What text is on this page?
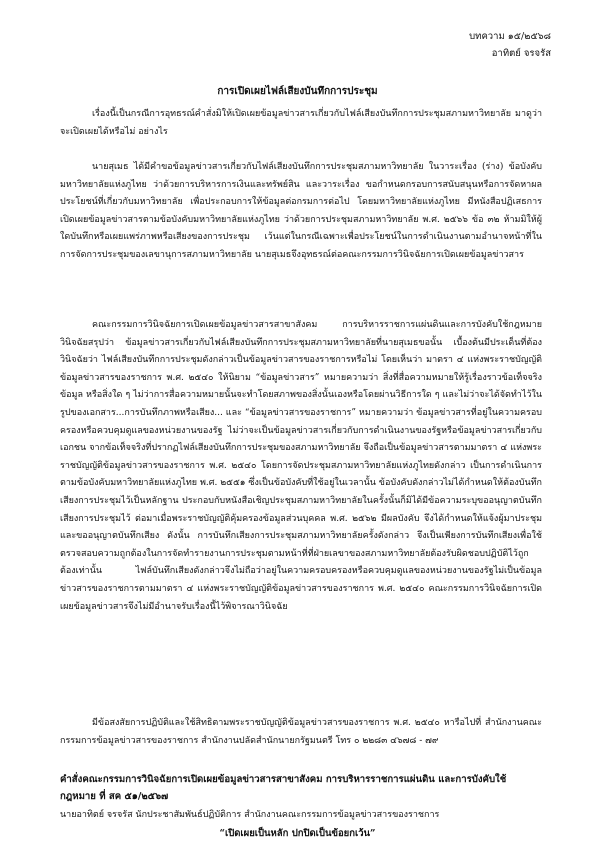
บทความ ๑๕/๒๕๖๘
อาทิตย์ จรจรัส
การเปิดเผยไฟล์เสียงบันทึกการประชุม

เรื่องนี้เป็นกรณีการอุทธรณ์คำสั่งมิให้เปิดเผยข้อมูลข่าวสารเกี่ยวกับไฟล์เสียงบันทึกการประชุมสภามหาวิทยาลัย มาดูว่าจะเปิดเผยได้หรือไม่ อย่างไร

นายสุเมธ ได้มีคำขอข้อมูลข่าวสารเกี่ยวกับไฟล์เสียงบันทึกการประชุมสภามหาวิทยาลัย ในวาระเรื่อง (ร่าง) ข้อบังคับมหาวิทยาลัยแห่งภูไทย ว่าด้วยการบริหารการเงินและทรัพย์สิน และวาระเรื่อง ขอกำหนดกรอบการสนับสนุนหรือการจัดหาผลประโยชน์ที่เกี่ยวกับมหาวิทยาลัย เพื่อประกอบการให้ข้อมูลต่อกรมการต่อไป โดยมหาวิทยาลัยแห่งภูไทย มีหนังสือปฏิเสธการเปิดเผยข้อมูลข่าวสารตามข้อบังคับมหาวิทยาลัยแห่งภูไทย ว่าด้วยการประชุมสภามหาวิทยาลัย พ.ศ. ๒๕๖๖ ข้อ ๓๒ ห้ามมิให้ผู้ใดบันทึกหรือเผยแพร่ภาพหรือเสียงของการประชุม เว้นแต่ในกรณีเฉพาะเพื่อประโยชน์ในการดำเนินงานตามอำนาจหน้าที่ในการจัดการประชุมของเลขานุการสภามหาวิทยาลัย นายสุเมธจึงอุทธรณ์ต่อคณะกรรมการวินิจฉัยการเปิดเผยข้อมูลข่าวสาร

คณะกรรมการวินิจฉัยการเปิดเผยข้อมูลข่าวสารสาขาสังคม การบริหารราชการแผ่นดินและการบังคับใช้กฎหมายวินิจฉัยสรุปว่า ข้อมูลข่าวสารเกี่ยวกับไฟล์เสียงบันทึกการประชุมสภามหาวิทยาลัยที่นายสุเมธขอนั้น เบื้องต้นมีประเด็นที่ต้องวินิจฉัยว่า ไฟล์เสียงบันทึกการประชุมดังกล่าวเป็นข้อมูลข่าวสารของราชการหรือไม่ โดยเห็นว่า มาตรา ๔ แห่งพระราชบัญญัติข้อมูลข่าวสารของราชการ พ.ศ. ๒๕๔๐ ให้นิยาม “ข้อมูลข่าวสาร” หมายความว่า สิ่งที่สื่อความหมายให้รู้เรื่องราวข้อเท็จจริง ข้อมูล หรือสิ่งใด ๆ ไม่ว่าการสื่อความหมายนั้นจะทำโดยสภาพของสิ่งนั้นเองหรือโดยผ่านวิธีการใด ๆ และไม่ว่าจะได้จัดทำไว้ในรูปของเอกสาร...การบันทึกภาพหรือเสียง... และ “ข้อมูลข่าวสารของราชการ” หมายความว่า ข้อมูลข่าวสารที่อยู่ในความครอบครองหรือควบคุมดูแลของหน่วยงานของรัฐ ไม่ว่าจะเป็นข้อมูลข่าวสารเกี่ยวกับการดำเนินงานของรัฐหรือข้อมูลข่าวสารเกี่ยวกับเอกชน จากข้อเท็จจริงที่ปรากฏไฟล์เสียงบันทึกการประชุมของสภามหาวิทยาลัย จึงถือเป็นข้อมูลข่าวสารตามมาตรา ๔ แห่งพระราชบัญญัติข้อมูลข่าวสารของราชการ พ.ศ. ๒๕๔๐ โดยการจัดประชุมสภามหาวิทยาลัยแห่งภูไทยดังกล่าว เป็นการดำเนินการตามข้อบังคับมหาวิทยาลัยแห่งภูไทย พ.ศ. ๒๕๕๑ ซึ่งเป็นข้อบังคับที่ใช้อยู่ในเวลานั้น ข้อบังคับดังกล่าวไม่ได้กำหนดให้ต้องบันทึกเสียงการประชุมไว้เป็นหลักฐาน ประกอบกับหนังสือเชิญประชุมสภามหาวิทยาลัยในครั้งนั้นก็มิได้มีข้อความระบุขออนุญาตบันทึกเสียงการประชุมไว้ ต่อมาเมื่อพระราชบัญญัติคุ้มครองข้อมูลส่วนบุคคล พ.ศ. ๒๕๖๒ มีผลบังคับ จึงได้กำหนดให้แจ้งผู้มาประชุมและขออนุญาตบันทึกเสียง ดังนั้น การบันทึกเสียงการประชุมสภามหาวิทยาลัยครั้งดังกล่าว จึงเป็นเพียงการบันทึกเสียงเพื่อใช้ตรวจสอบความถูกต้องในการจัดทำรายงานการประชุมตามหน้าที่ที่ฝ่ายเลขาของสภามหาวิทยาลัยต้องรับผิดชอบปฏิบัติไว้ถูกต้องเท่านั้น ไฟล์บันทึกเสียงดังกล่าวจึงไม่ถือว่าอยู่ในความครอบครองหรือควบคุมดูแลของหน่วยงานของรัฐไม่เป็นข้อมูลข่าวสารของราชการตามมาตรา ๔ แห่งพระราชบัญญัติข้อมูลข่าวสารของราชการ พ.ศ. ๒๕๔๐ คณะกรรมการวินิจฉัยการเปิดเผยข้อมูลข่าวสารจึงไม่มีอำนาจรับเรื่องนี้ไว้พิจารณาวินิจฉัย

มีข้อสงสัยการปฏิบัติและใช้สิทธิตามพระราชบัญญัติข้อมูลข่าวสารของราชการ พ.ศ. ๒๕๔๐ หารือไปที่ สำนักงานคณะกรรมการข้อมูลข่าวสารของราชการ สำนักงานปลัดสำนักนายกรัฐมนตรี โทร ๐ ๒๒๘๓ ๔๖๗๘ - ๗๙

คำสั่งคณะกรรมการวินิจฉัยการเปิดเผยข้อมูลข่าวสารสาขาสังคม การบริหารราชการแผ่นดิน และการบังคับใช้กฎหมาย ที่ สค ๕๑/๒๕๖๗

นายอาทิตย์ จรจรัส นักประชาสัมพันธ์ปฏิบัติการ สำนักงานคณะกรรมการข้อมูลข่าวสารของราชการ

“เปิดเผยเป็นหลัก ปกปิดเป็นข้อยกเว้น”
